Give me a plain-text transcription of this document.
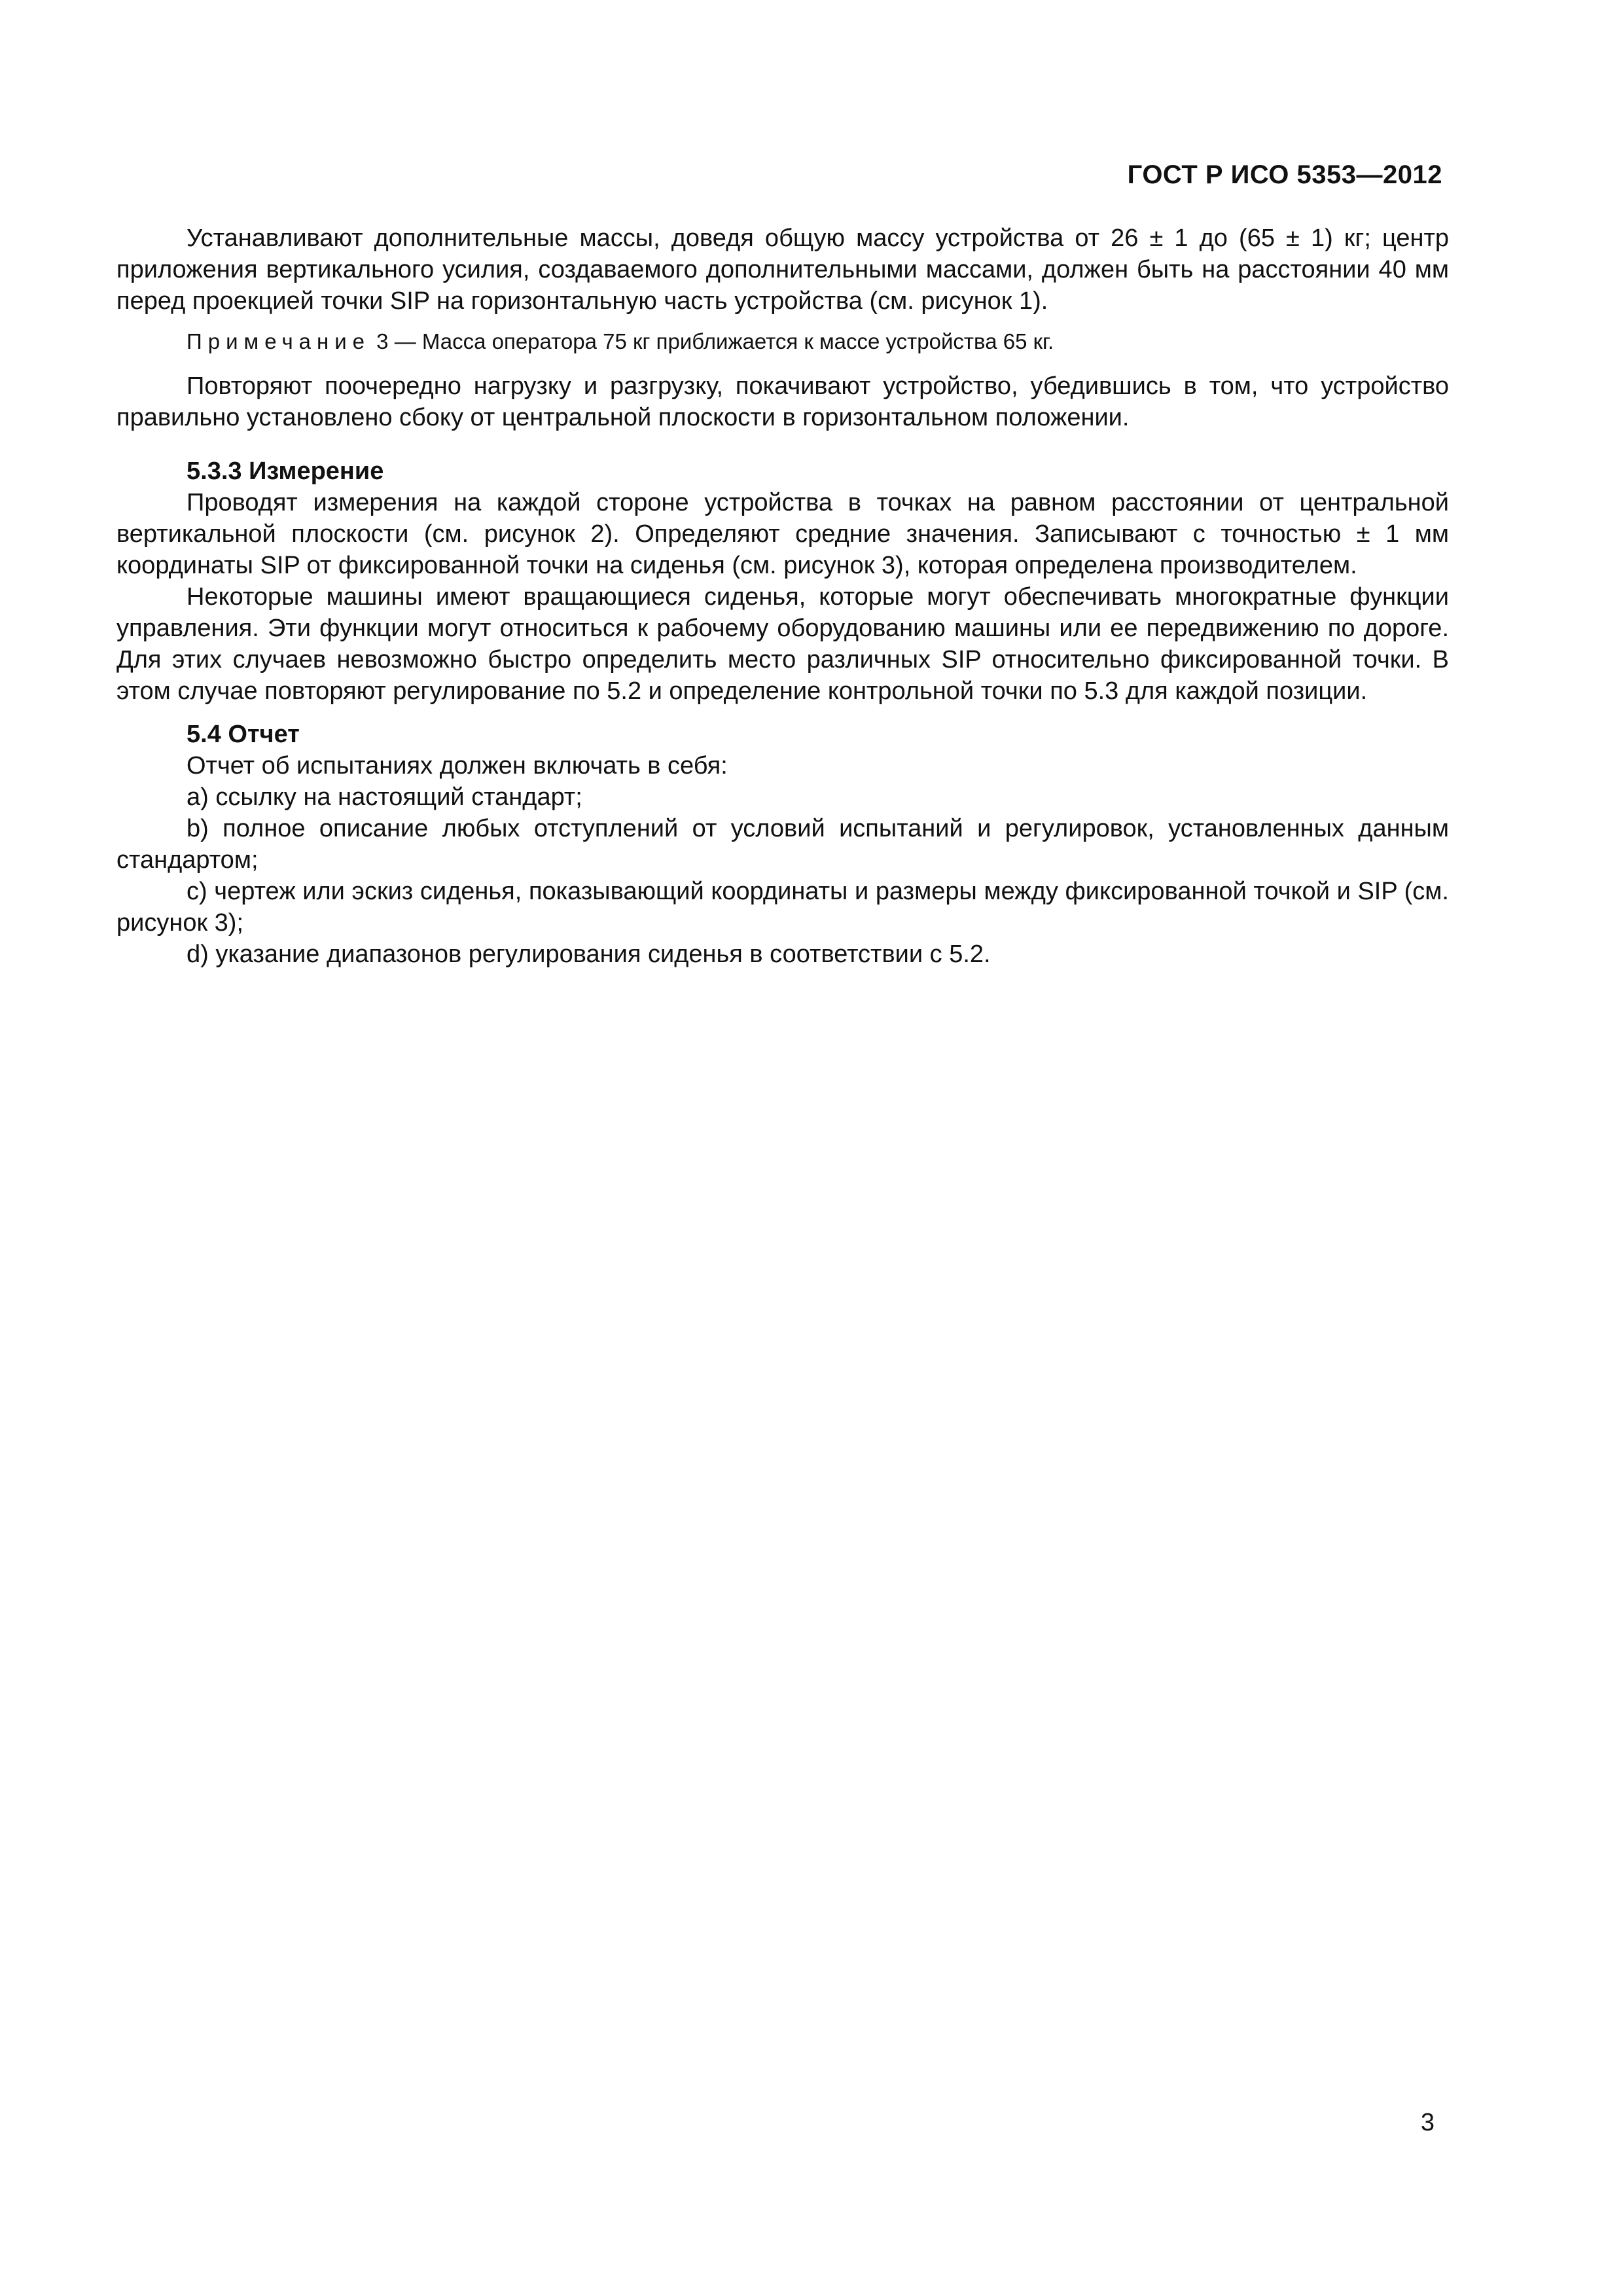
ГОСТ Р ИСО 5353—2012

Устанавливают дополнительные массы, доведя общую массу устройства от 26 ± 1 до (65 ± 1) кг; центр приложения вертикального усилия, создаваемого дополнительными массами, должен быть на расстоянии 40 мм перед проекцией точки SIP на горизонтальную часть устройства (см. рисунок 1).

Примечание 3 — Масса оператора 75 кг приближается к массе устройства 65 кг.

Повторяют поочередно нагрузку и разгрузку, покачивают устройство, убедившись в том, что устройство правильно установлено сбоку от центральной плоскости в горизонтальном положении.

5.3.3 Измерение

Проводят измерения на каждой стороне устройства в точках на равном расстоянии от центральной вертикальной плоскости (см. рисунок 2). Определяют средние значения. Записывают с точностью ± 1 мм координаты SIP от фиксированной точки на сиденья (см. рисунок 3), которая определена производителем.

Некоторые машины имеют вращающиеся сиденья, которые могут обеспечивать многократные функции управления. Эти функции могут относиться к рабочему оборудованию машины или ее передвижению по дороге. Для этих случаев невозможно быстро определить место различных SIP относительно фиксированной точки. В этом случае повторяют регулирование по 5.2 и определение контрольной точки по 5.3 для каждой позиции.

5.4 Отчет

Отчет об испытаниях должен включать в себя:

a) ссылку на настоящий стандарт;

b) полное описание любых отступлений от условий испытаний и регулировок, установленных данным стандартом;

c) чертеж или эскиз сиденья, показывающий координаты и размеры между фиксированной точкой и SIP (см. рисунок 3);

d) указание диапазонов регулирования сиденья в соответствии с 5.2.

3
